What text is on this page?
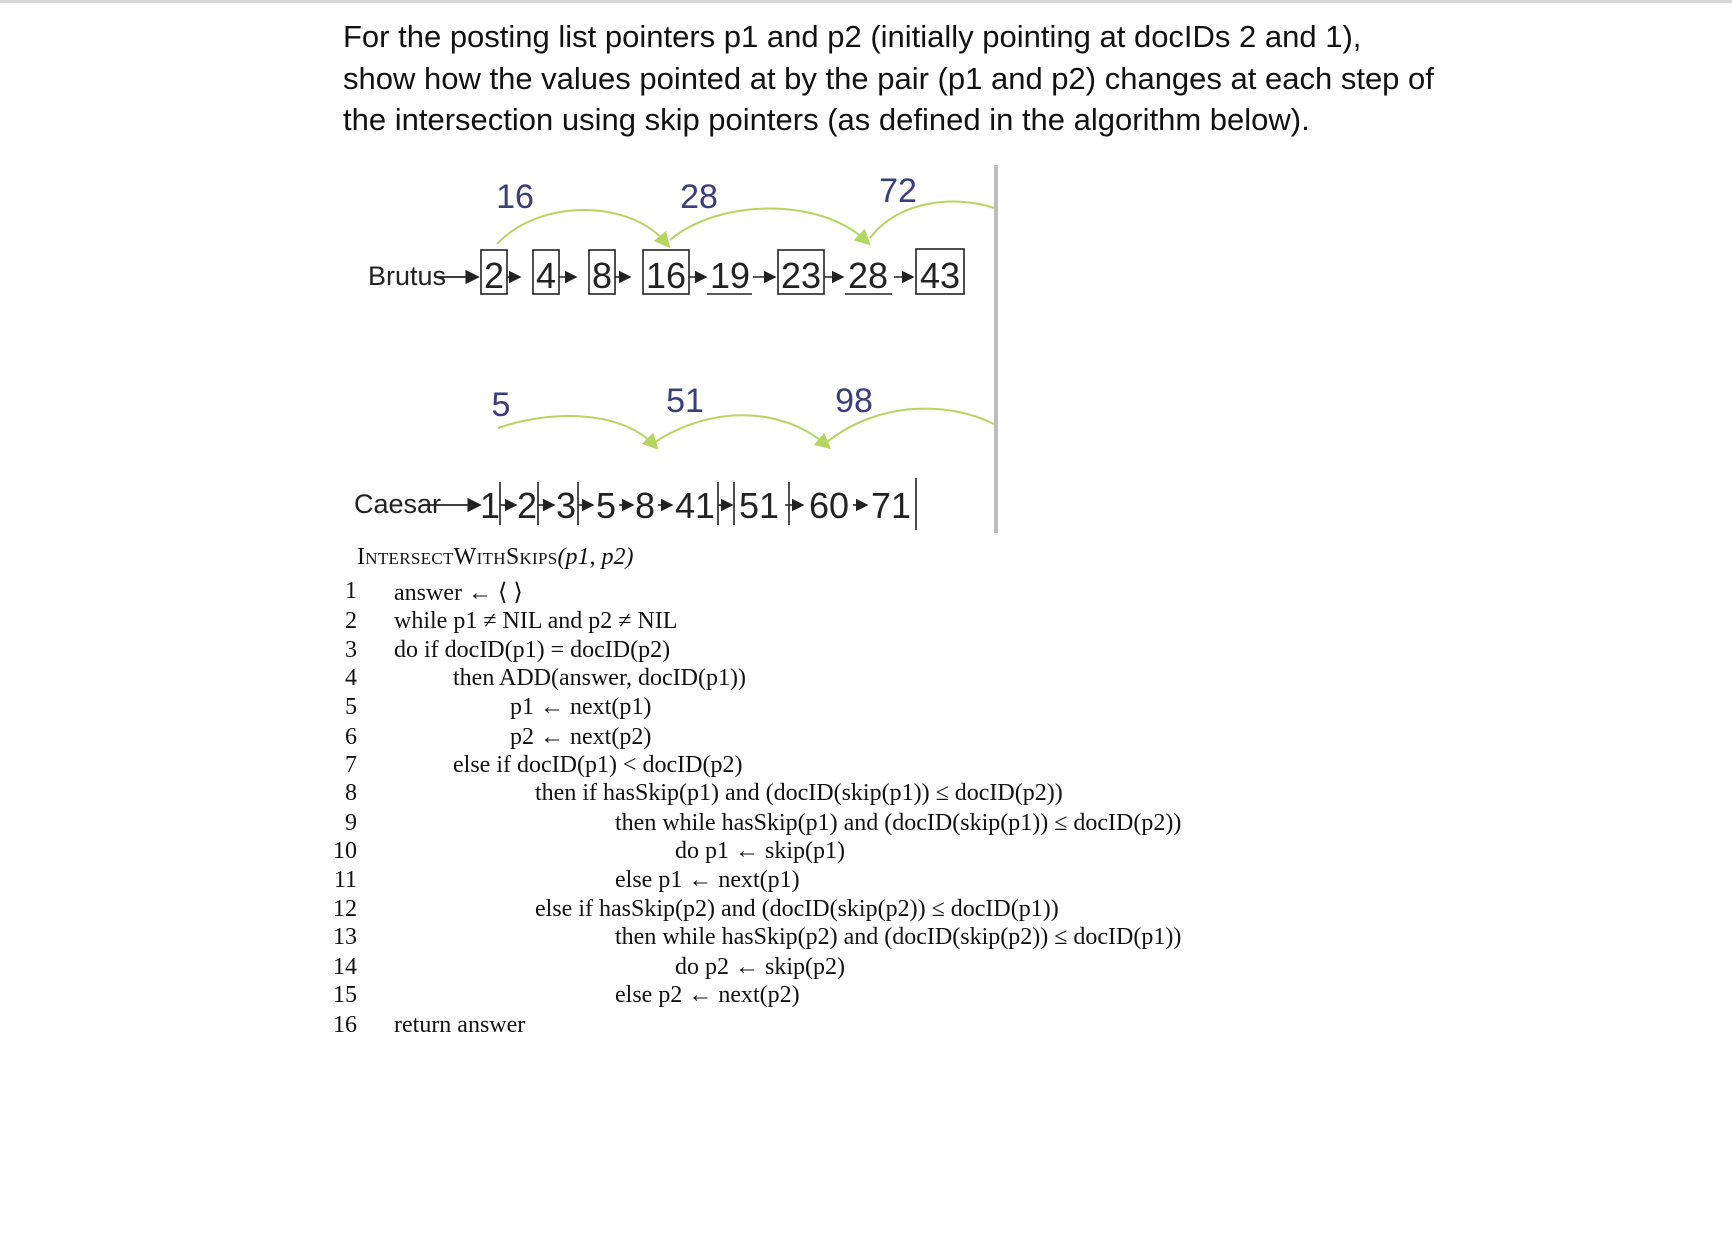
For the posting list pointers p1 and p2 (initially pointing at docIDs 2 and 1),
show how the values pointed at by the pair (p1 and p2) changes at each step of
the intersection using skip pointers (as defined in the algorithm below).
16	28	72
Brutus 2 4 8 16 19 23 28 43
5	51	98
Caesar 1 2 3 5 8 41 51 60 71
IntersectWithSkips(p1, p2)
1 answer ← ⟨ ⟩
2 while p1 ≠ NIL and p2 ≠ NIL
3 do if docID(p1) = docID(p2)
4	then ADD(answer, docID(p1))
5	p1 ← next(p1)
6	p2 ← next(p2)
7	else if docID(p1) < docID(p2)
8	then if hasSkip(p1) and (docID(skip(p1)) ≤ docID(p2))
9	then while hasSkip(p1) and (docID(skip(p1)) ≤ docID(p2))
10	do p1 ← skip(p1)
11	else p1 ← next(p1)
12	else if hasSkip(p2) and (docID(skip(p2)) ≤ docID(p1))
13	then while hasSkip(p2) and (docID(skip(p2)) ≤ docID(p1))
14	do p2 ← skip(p2)
15	else p2 ← next(p2)
16 return answer
